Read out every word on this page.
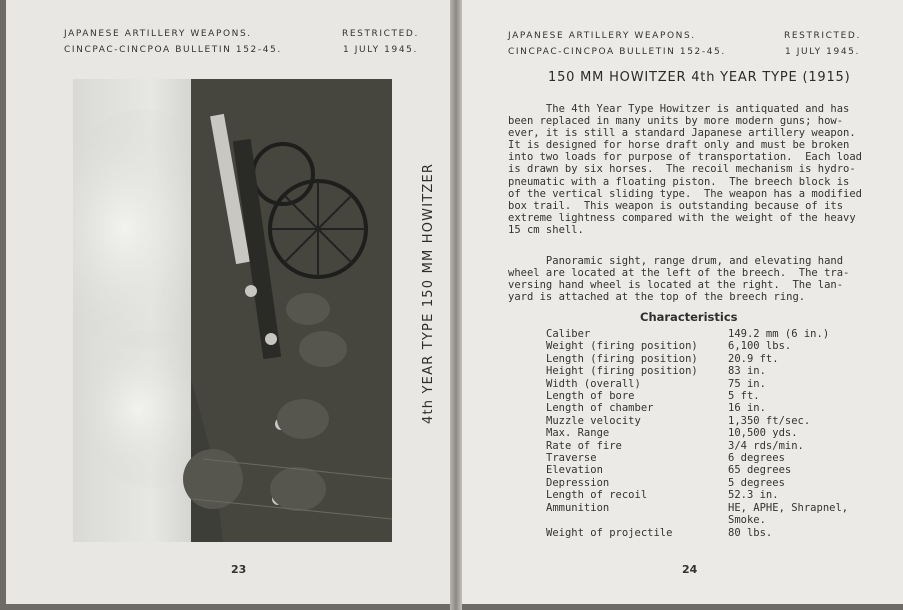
JAPANESE ARTILLERY WEAPONS.
CINCPAC-CINCPOA BULLETIN 152-45.
RESTRICTED.
1 JULY 1945.
4th YEAR TYPE 150 MM HOWITZER
23
JAPANESE ARTILLERY WEAPONS.
CINCPAC-CINCPOA BULLETIN 152-45.
RESTRICTED.
1 JULY 1945.
150 MM HOWITZER 4th YEAR TYPE (1915)
The 4th Year Type Howitzer is antiquated and has
been replaced in many units by more modern guns; how-
ever, it is still a standard Japanese artillery weapon.
It is designed for horse draft only and must be broken
into two loads for purpose of transportation.  Each load
is drawn by six horses.  The recoil mechanism is hydro-
pneumatic with a floating piston.  The breech block is
of the vertical sliding type.  The weapon has a modified
box trail.  This weapon is outstanding because of its
extreme lightness compared with the weight of the heavy
15 cm shell.
Panoramic sight, range drum, and elevating hand
wheel are located at the left of the breech.  The tra-
versing hand wheel is located at the right.  The lan-
yard is attached at the top of the breech ring.
Characteristics
Caliber	149.2 mm (6 in.)
Weight (firing position)	6,100 lbs.
Length (firing position)	20.9 ft.
Height (firing position)	83 in.
Width (overall)	75 in.
Length of bore	5 ft.
Length of chamber	16 in.
Muzzle velocity	1,350 ft/sec.
Max. Range	10,500 yds.
Rate of fire	3/4 rds/min.
Traverse	6 degrees
Elevation	65 degrees
Depression	5 degrees
Length of recoil	52.3 in.
Ammunition	HE, APHE, Shrapnel,
Smoke.
Weight of projectile	80 lbs.
24
